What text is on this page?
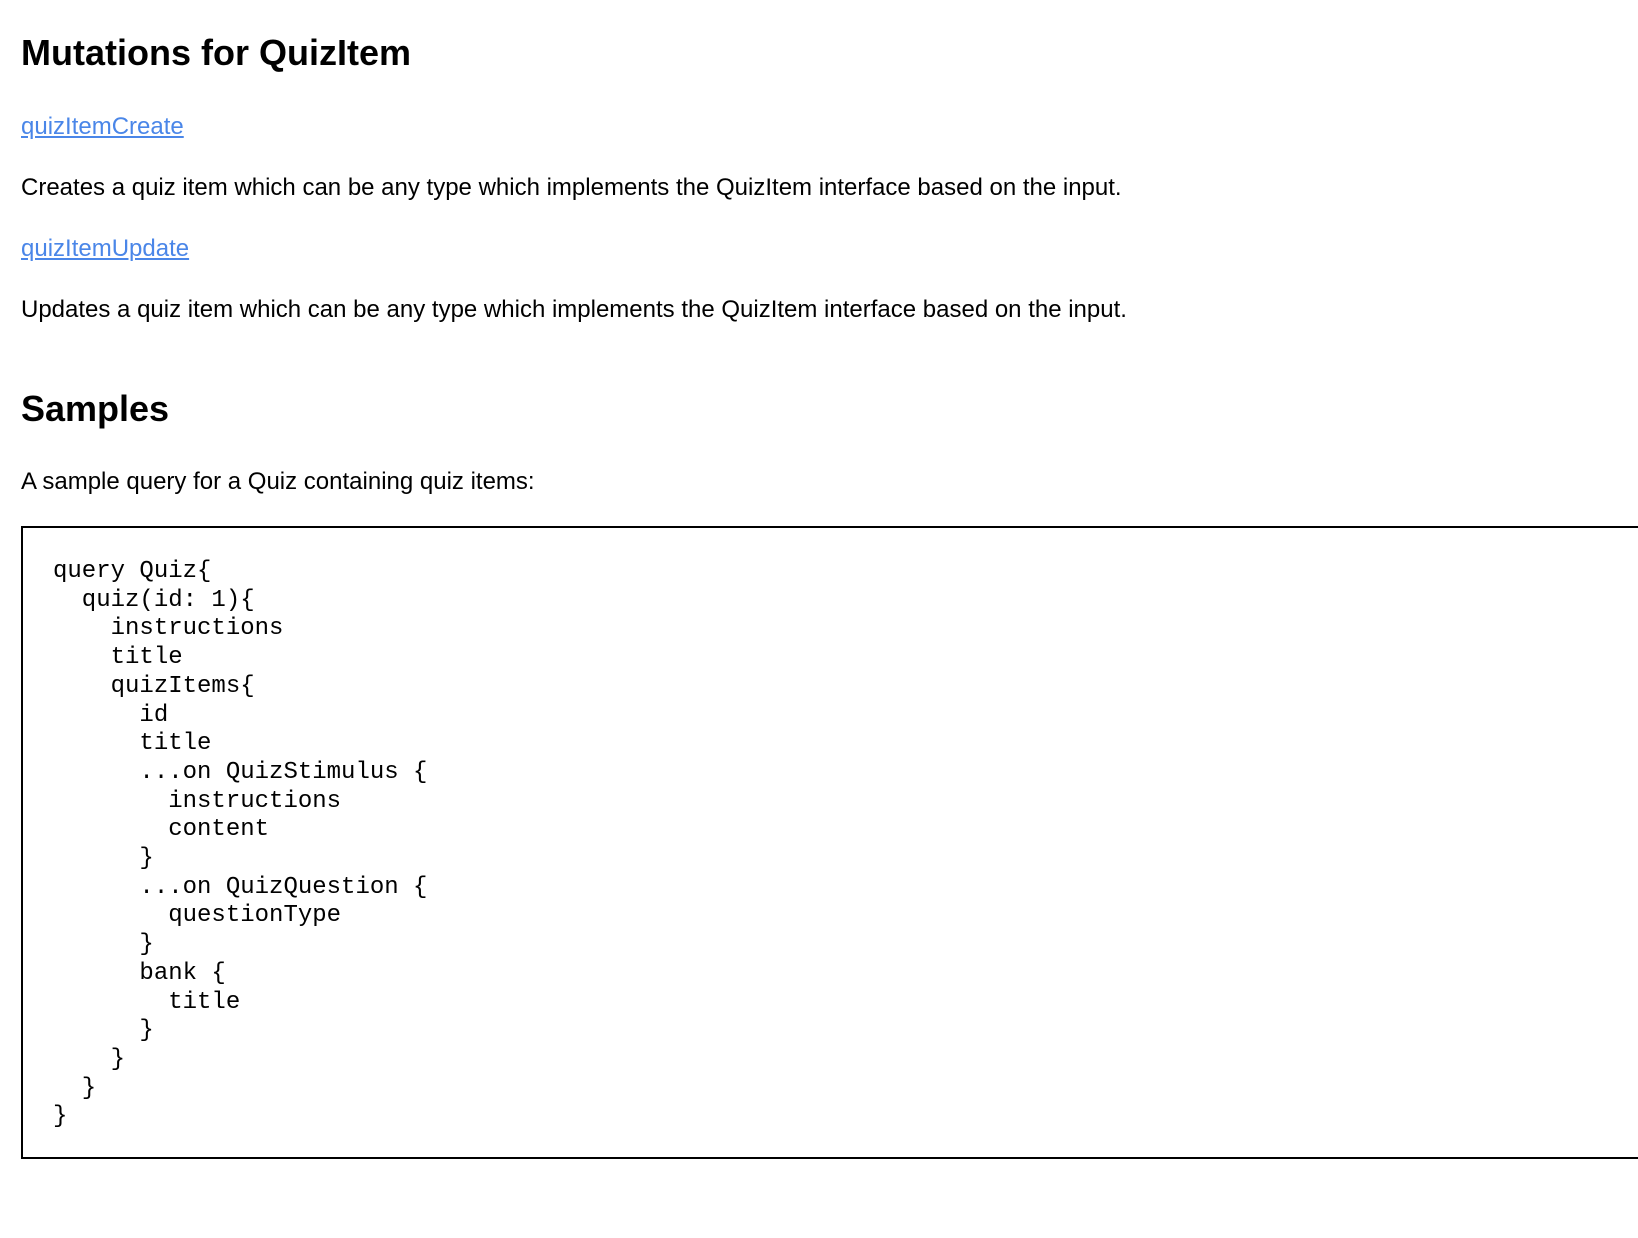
Mutations for QuizItem
quizItemCreate
Creates a quiz item which can be any type which implements the QuizItem interface based on the input.
quizItemUpdate
Updates a quiz item which can be any type which implements the QuizItem interface based on the input.
Samples
A sample query for a Quiz containing quiz items:
query Quiz{
quiz(id: 1){
instructions
title
quizItems{
id
title
...on QuizStimulus {
instructions
content
}
...on QuizQuestion {
questionType
}
bank {
title
}
}
}
}
